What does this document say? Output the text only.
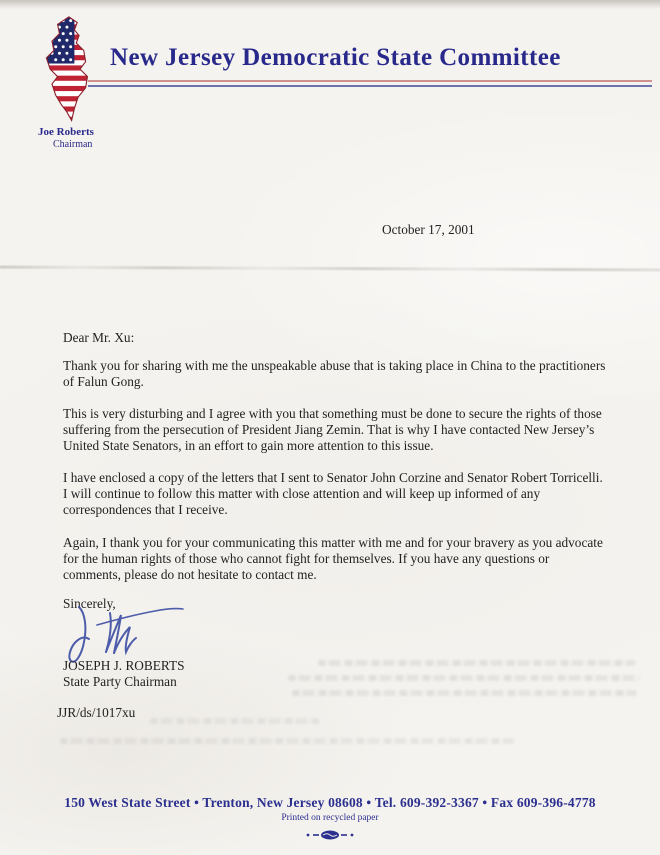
New Jersey Democratic State Committee
Joe Roberts
Chairman
October 17, 2001
Dear Mr. Xu:
Thank you for sharing with me the unspeakable abuse that is taking place in China to the practitioners of Falun Gong.
This is very disturbing and I agree with you that something must be done to secure the rights of those suffering from the persecution of President Jiang Zemin. That is why I have contacted New Jersey’s United State Senators, in an effort to gain more attention to this issue.
I have enclosed a copy of the letters that I sent to Senator John Corzine and Senator Robert Torricelli. I will continue to follow this matter with close attention and will keep up informed of any correspondences that I receive.
Again, I thank you for your communicating this matter with me and for your bravery as you advocate for the human rights of those who cannot fight for themselves. If you have any questions or comments, please do not hesitate to contact me.
Sincerely,
JOSEPH J. ROBERTS
State Party Chairman
JJR/ds/1017xu
150 West State Street • Trenton, New Jersey 08608 • Tel. 609-392-3367 • Fax 609-396-4778
Printed on recycled paper
